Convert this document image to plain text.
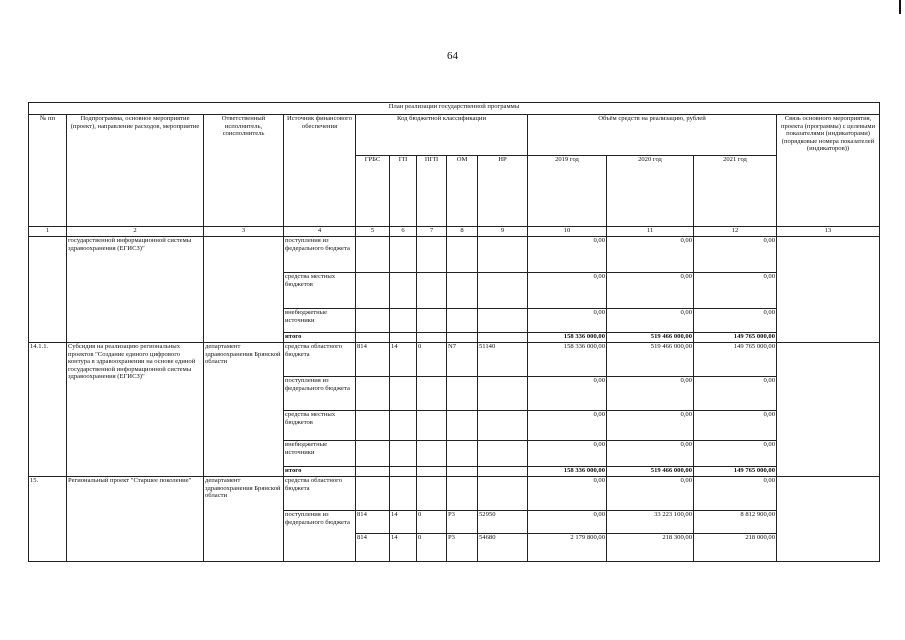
64
План реализации государственной программы												
№ пп	Подпрограмма, основное мероприятие (проект), направление расходов, мероприятие	Ответственный исполнитель, соисполнитель	Источник финансового обеспечения	Код бюджетной классификации					Объём средств на реализацию, рублей			Связь основного мероприятия, проекта (программы) с целевыми показателями (индикаторами) (порядковые номера показателей (индикаторов))
				ГРБС	ГП	ПГП	ОМ	НР	2019 год	2020 год	2021 год	
1	2	3	4	5	6	7	8	9	10	11	12	13
	государственной информационной системы здравоохранения (ЕГИСЗ)"		поступления из федерального бюджета						0,00	0,00	0,00	
			средства местных бюджетов						0,00	0,00	0,00	
			внебюджетные источники						0,00	0,00	0,00	
			итого						158 336 000,00	519 466 000,00	149 765 000,00	
14.1.1.	Субсидия на реализацию региональных проектов "Создание единого цифрового контура в здравоохранении на основе единой государственной информационной системы здравоохранения (ЕГИСЗ)"	департамент здравоохранения Брянской области	средства областного бюджета	814	14	0	N7	51140	158 336 000,00	519 466 000,00	149 765 000,00	
			поступления из федерального бюджета						0,00	0,00	0,00	
			средства местных бюджетов						0,00	0,00	0,00	
			внебюджетные источники						0,00	0,00	0,00	
			итого						158 336 000,00	519 466 000,00	149 765 000,00	
15.	Региональный проект "Старшее поколение"	департамент здравоохранения Брянской области	средства областного бюджета						0,00	0,00	0,00	
			поступления из федерального бюджета	814	14	0	P3	52950	0,00	33 223 100,00	8 812 900,00	
				814	14	0	P3	54680	2 179 800,00	218 300,00	218 000,00	
